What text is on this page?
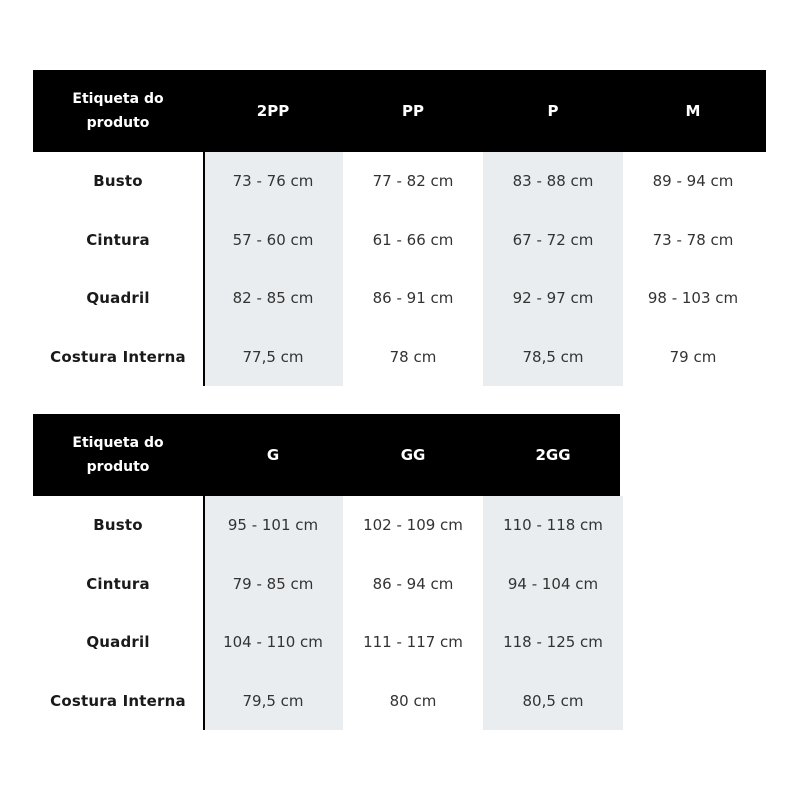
Etiqueta do
produto
2PP	PP	P	M
Busto	73 - 76 cm	77 - 82 cm	83 - 88 cm	89 - 94 cm
Cintura	57 - 60 cm	61 - 66 cm	67 - 72 cm	73 - 78 cm
Quadril	82 - 85 cm	86 - 91 cm	92 - 97 cm	98 - 103 cm
Costura Interna	77,5 cm	78 cm	78,5 cm	79 cm
Etiqueta do
produto
G	GG	2GG
Busto	95 - 101 cm	102 - 109 cm	110 - 118 cm
Cintura	79 - 85 cm	86 - 94 cm	94 - 104 cm
Quadril	104 - 110 cm	111 - 117 cm	118 - 125 cm
Costura Interna	79,5 cm	80 cm	80,5 cm
